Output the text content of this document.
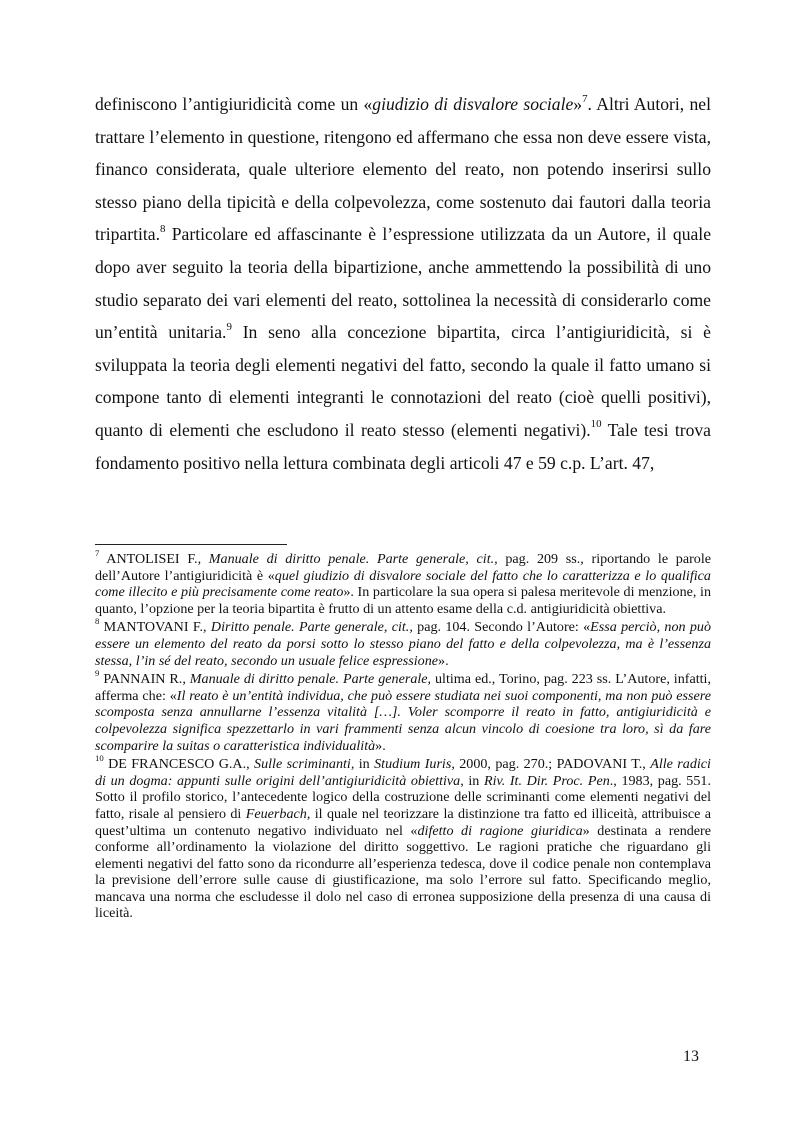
definiscono l’antigiuridicità come un «giudizio di disvalore sociale»$^7$. Altri Autori, nel trattare l’elemento in questione, ritengono ed affermano che essa non deve essere vista, financo considerata, quale ulteriore elemento del reato, non potendo inserirsi sullo stesso piano della tipicità e della colpevolezza, come sostenuto dai fautori dalla teoria tripartita.$^8$ Particolare ed affascinante è l’espressione utilizzata da un Autore, il quale dopo aver seguito la teoria della bipartizione, anche ammettendo la possibilità di uno studio separato dei vari elementi del reato, sottolinea la necessità di considerarlo come un’entità unitaria.$^9$ In seno alla concezione bipartita, circa l’antigiuridicità, si è sviluppata la teoria degli elementi negativi del fatto, secondo la quale il fatto umano si compone tanto di elementi integranti le connotazioni del reato (cioè quelli positivi), quanto di elementi che escludono il reato stesso (elementi negativi).$^{10}$ Tale tesi trova fondamento positivo nella lettura combinata degli articoli 47 e 59 c.p. L’art. 47,

$^7$ ANTOLISEI F., Manuale di diritto penale. Parte generale, cit., pag. 209 ss., riportando le parole dell’Autore l’antigiuridicità è «quel giudizio di disvalore sociale del fatto che lo caratterizza e lo qualifica come illecito e più precisamente come reato». In particolare la sua opera si palesa meritevole di menzione, in quanto, l’opzione per la teoria bipartita è frutto di un attento esame della c.d. antigiuridicità obiettiva.

$^8$ MANTOVANI F., Diritto penale. Parte generale, cit., pag. 104. Secondo l’Autore: «Essa perciò, non può essere un elemento del reato da porsi sotto lo stesso piano del fatto e della colpevolezza, ma è l’essenza stessa, l’in sé del reato, secondo un usuale felice espressione».

$^9$ PANNAIN R., Manuale di diritto penale. Parte generale, ultima ed., Torino, pag. 223 ss. L’Autore, infatti, afferma che: «Il reato è un’entità individua, che può essere studiata nei suoi componenti, ma non può essere scomposta senza annullarne l’essenza vitalità […]. Voler scomporre il reato in fatto, antigiuridicità e colpevolezza significa spezzettarlo in vari frammenti senza alcun vincolo di coesione tra loro, sì da fare scomparire la suitas o caratteristica individualità».

$^{10}$ DE FRANCESCO G.A., Sulle scriminanti, in Studium Iuris, 2000, pag. 270.; PADOVANI T., Alle radici di un dogma: appunti sulle origini dell’antigiuridicità obiettiva, in Riv. It. Dir. Proc. Pen., 1983, pag. 551. Sotto il profilo storico, l’antecedente logico della costruzione delle scriminanti come elementi negativi del fatto, risale al pensiero di Feuerbach, il quale nel teorizzare la distinzione tra fatto ed illiceità, attribuisce a quest’ultima un contenuto negativo individuato nel «difetto di ragione giuridica» destinata a rendere conforme all’ordinamento la violazione del diritto soggettivo. Le ragioni pratiche che riguardano gli elementi negativi del fatto sono da ricondurre all’esperienza tedesca, dove il codice penale non contemplava la previsione dell’errore sulle cause di giustificazione, ma solo l’errore sul fatto. Specificando meglio, mancava una norma che escludesse il dolo nel caso di erronea supposizione della presenza di una causa di liceità.

13
